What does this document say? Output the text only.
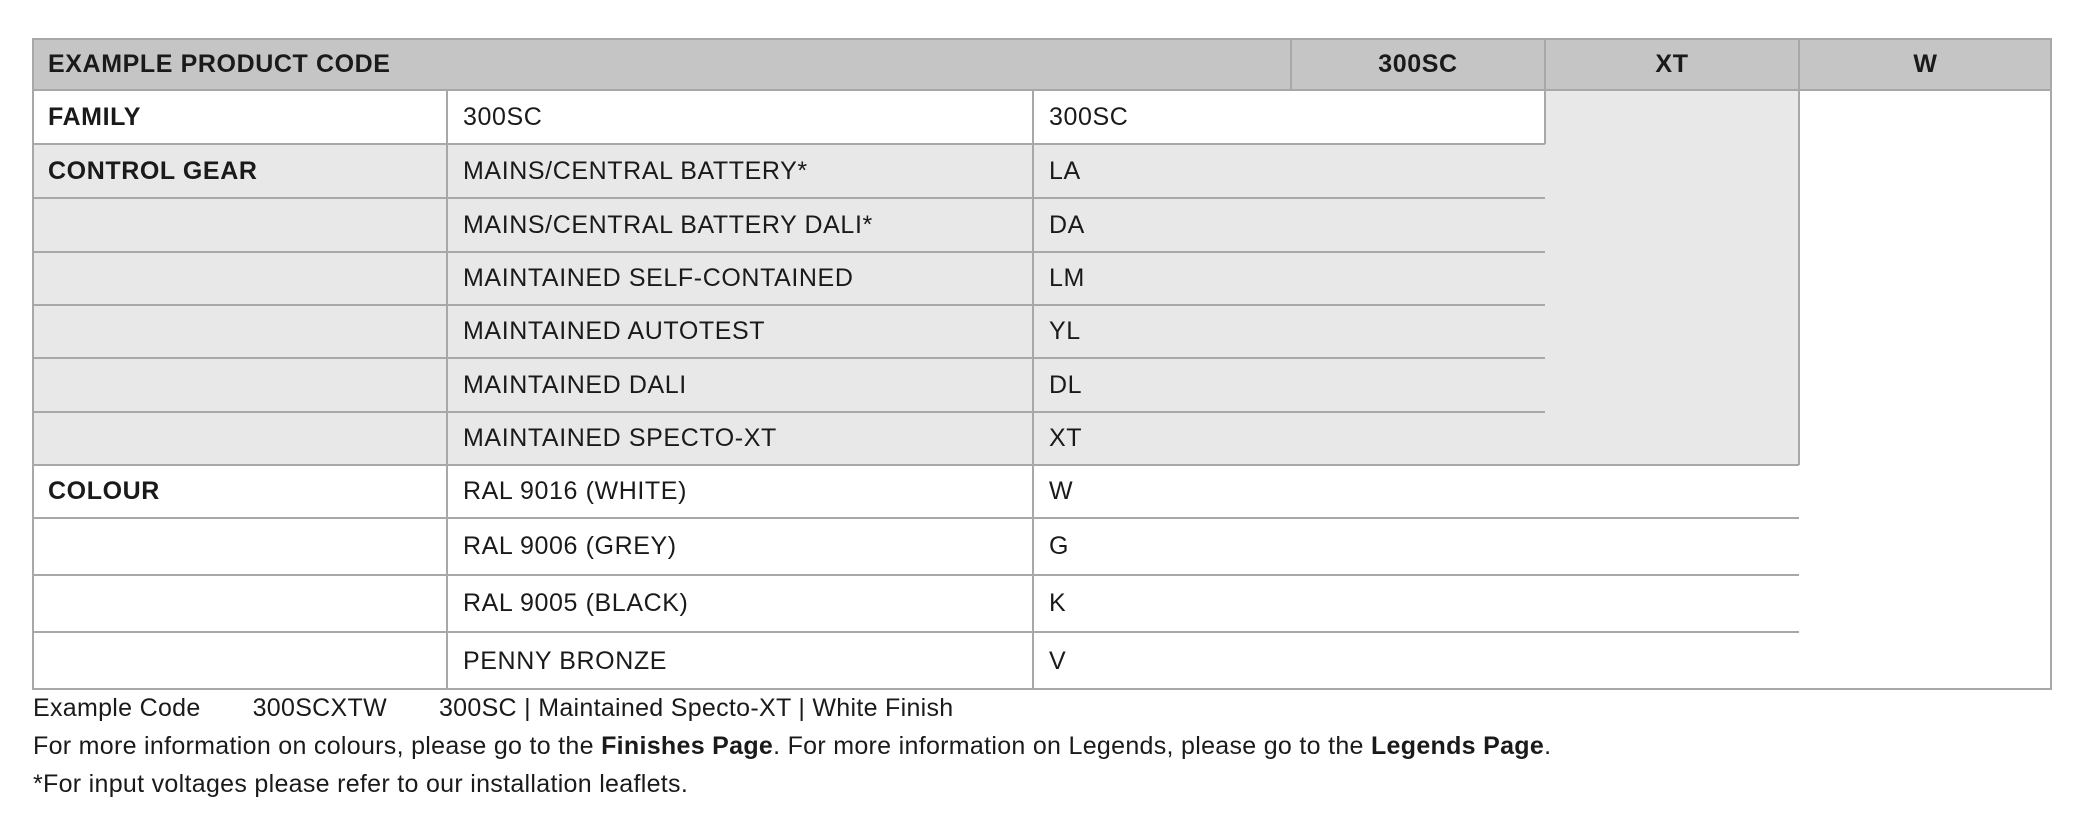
EXAMPLE PRODUCT CODE	300SC	XT	W
FAMILY	300SC	300SC
CONTROL GEAR	MAINS/CENTRAL BATTERY*	LA
MAINS/CENTRAL BATTERY DALI*	DA
MAINTAINED SELF-CONTAINED	LM
MAINTAINED AUTOTEST	YL
MAINTAINED DALI	DL
MAINTAINED SPECTO-XT	XT
COLOUR	RAL 9016 (WHITE)	W
RAL 9006 (GREY)	G
RAL 9005 (BLACK)	K
PENNY BRONZE	V
Example Code 300SCXTW 300SC | Maintained Specto-XT | White Finish
For more information on colours, please go to the Finishes Page. For more information on Legends, please go to the Legends Page.
*For input voltages please refer to our installation leaflets.
